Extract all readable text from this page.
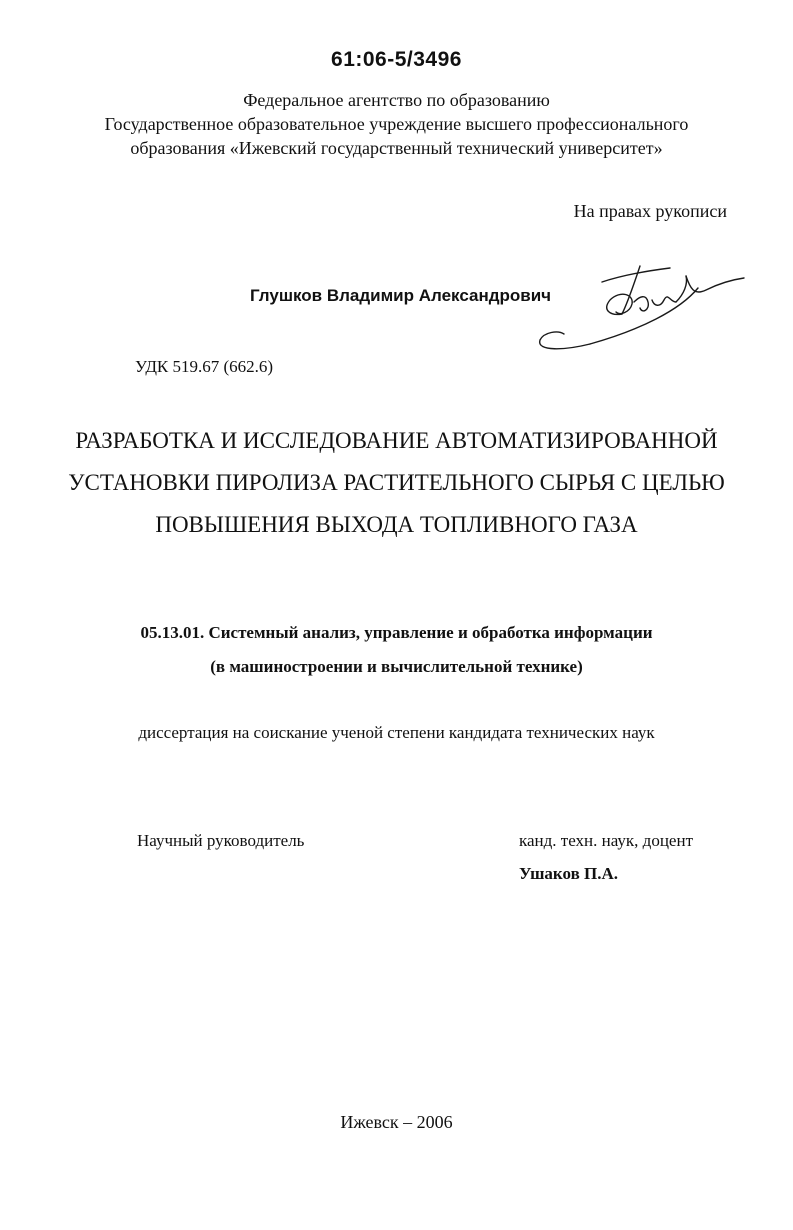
61:06-5/3496
Федеральное агентство по образованию
Государственное образовательное учреждение высшего профессионального
образования «Ижевский государственный технический университет»
На правах рукописи
Глушков Владимир Александрович
УДК 519.67 (662.6)
РАЗРАБОТКА И ИССЛЕДОВАНИЕ АВТОМАТИЗИРОВАННОЙ
УСТАНОВКИ ПИРОЛИЗА РАСТИТЕЛЬНОГО СЫРЬЯ С ЦЕЛЬЮ
ПОВЫШЕНИЯ ВЫХОДА ТОПЛИВНОГО ГАЗА
05.13.01. Системный анализ, управление и обработка информации
(в машиностроении и вычислительной технике)
диссертация на соискание ученой степени кандидата технических наук
Научный руководитель	канд. техн. наук, доцент
Ушаков П.А.
Ижевск – 2006
